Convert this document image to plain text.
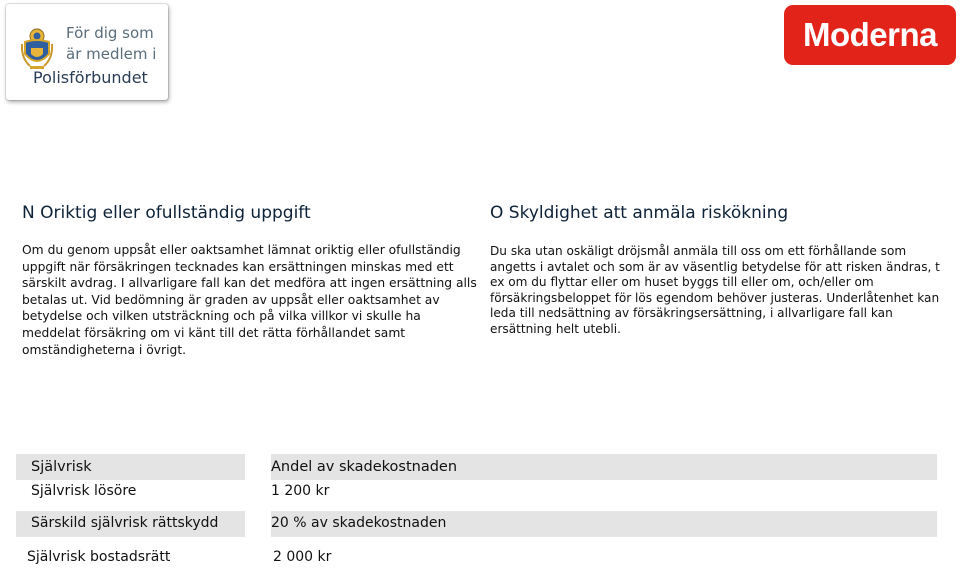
För dig som
är medlem i
Polisförbundet
Moderna
N Oriktig eller ofullständig uppgift	O Skyldighet att anmäla riskökning

Om du genom uppsåt eller oaktsamhet lämnat oriktig eller ofullständig uppgift när försäkringen tecknades kan ersättningen minskas med ett särskilt avdrag. I allvarligare fall kan det medföra att ingen ersättning alls betalas ut. Vid bedömning är graden av uppsåt eller oaktsamhet av betydelse och vilken utsträckning och på vilka villkor vi skulle ha meddelat försäkring om vi känt till det rätta förhållandet samt omständigheterna i övrigt.

Du ska utan oskäligt dröjsmål anmäla till oss om ett förhållande som angetts i avtalet och som är av väsentlig betydelse för att risken ändras, t ex om du flyttar eller om huset byggs till eller om, och/eller om försäkringsbeloppet för lös egendom behöver justeras. Underlåtenhet kan leda till nedsättning av försäkringsersättning, i allvarligare fall kan ersättning helt utebli.

Självrisk	Andel av skadekostnaden
Självrisk lösöre	1 200 kr
Särskild självrisk rättskydd	20 % av skadekostnaden
Självrisk bostadsrätt	2 000 kr
